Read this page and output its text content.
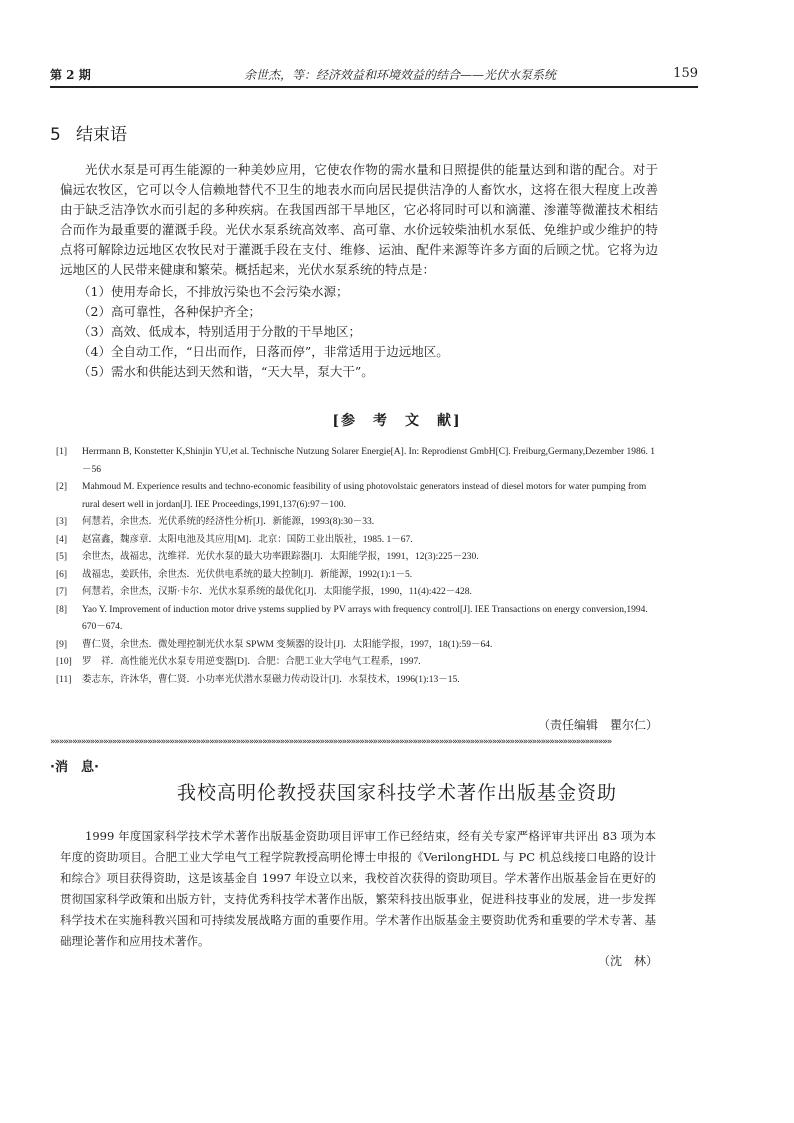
第 2 期	余世杰，等：经济效益和环境效益的结合——光伏水泵系统	159
5 结束语

光伏水泵是可再生能源的一种美妙应用，它使农作物的需水量和日照提供的能量达到和谐的配合。对于偏远农牧区，它可以令人信赖地替代不卫生的地表水而向居民提供洁净的人畜饮水，这将在很大程度上改善由于缺乏洁净饮水而引起的多种疾病。在我国西部干旱地区，它必将同时可以和滴灌、渗灌等微灌技术相结合而作为最重要的灌溉手段。光伏水泵系统高效率、高可靠、水价远较柴油机水泵低、免维护或少维护的特点将可解除边远地区农牧民对于灌溉手段在支付、维修、运油、配件来源等许多方面的后顾之忧。它将为边远地区的人民带来健康和繁荣。概括起来，光伏水泵系统的特点是：

（1）使用寿命长，不排放污染也不会污染水源；
（2）高可靠性，各种保护齐全；
（3）高效、低成本，特别适用于分散的干旱地区；
（4）全自动工作，“日出而作，日落而停”，非常适用于边远地区。
（5）需水和供能达到天然和谐，“天大旱，泵大干”。
[参　考　文　献]
[1] Herrmann B, Konstetter K,Shinjin YU,et al. Technische Nutzung Solarer Energie[A]. In: Reprodienst GmbH[C]. Freiburg,Germany,Dezember 1986. 1－56
[2] Mahmoud M. Experience results and techno-economic feasibility of using photovolstaic generators instead of diesel motors for water pumping from rural desert well in jordan[J]. IEE Proceedings,1991,137(6):97－100.
[3] 何慧若，余世杰．光伏系统的经济性分析[J]．新能源，1993(8):30－33.
[4] 赵富鑫，魏彦章．太阳电池及其应用[M]．北京：国防工业出版社，1985. 1－67.
[5] 余世杰，战福忠，沈维祥．光伏水泵的最大功率跟踪器[J]．太阳能学报，1991，12(3):225－230.
[6] 战福忠，姜跃伟，余世杰．光伏供电系统的最大控制[J]．新能源，1992(1):1－5.
[7] 何慧若，余世杰，汉斯·卡尔．光伏水泵系统的最优化[J]．太阳能学报，1990，11(4):422－428.
[8] Yao Y. Improvement of induction motor drive ystems supplied by PV arrays with frequency control[J]. IEE Transactions on energy conversion,1994. 670－674.
[9] 曹仁贤，余世杰．微处理控制光伏水泵 SPWM 变频器的设计[J]．太阳能学报，1997，18(1):59－64.
[10] 罗　祥．高性能光伏水泵专用逆变器[D]．合肥：合肥工业大学电气工程系，1997.
[11] 娄志东，许沐华，曹仁贤．小功率光伏潜水泵磁力传动设计[J]．水泵技术，1996(1):13－15.
（责任编辑　瞿尔仁）
»»»»»»»»»»»»»»»»»»»»»»»»»»»»»»»»»»»»»»»»»»»»»»»»»»»»»»»»»»»»»»»»»»»»»»»»»»»»»»»»»»»»»»»»»»»»»»»»»»»»»»»»»»»»»»»»»»»»»»»»»»»»»»»
·消　息·
我校高明伦教授获国家科技学术著作出版基金资助

1999 年度国家科学技术学术著作出版基金资助项目评审工作已经结束，经有关专家严格评审共评出 83 项为本年度的资助项目。合肥工业大学电气工程学院教授高明伦博士申报的《VerilongHDL 与 PC 机总线接口电路的设计和综合》项目获得资助，这是该基金自 1997 年设立以来，我校首次获得的资助项目。学术著作出版基金旨在更好的贯彻国家科学政策和出版方针，支持优秀科技学术著作出版，繁荣科技出版事业，促进科技事业的发展，进一步发挥科学技术在实施科教兴国和可持续发展战略方面的重要作用。学术著作出版基金主要资助优秀和重要的学术专著、基础理论著作和应用技术著作。

（沈　林）
